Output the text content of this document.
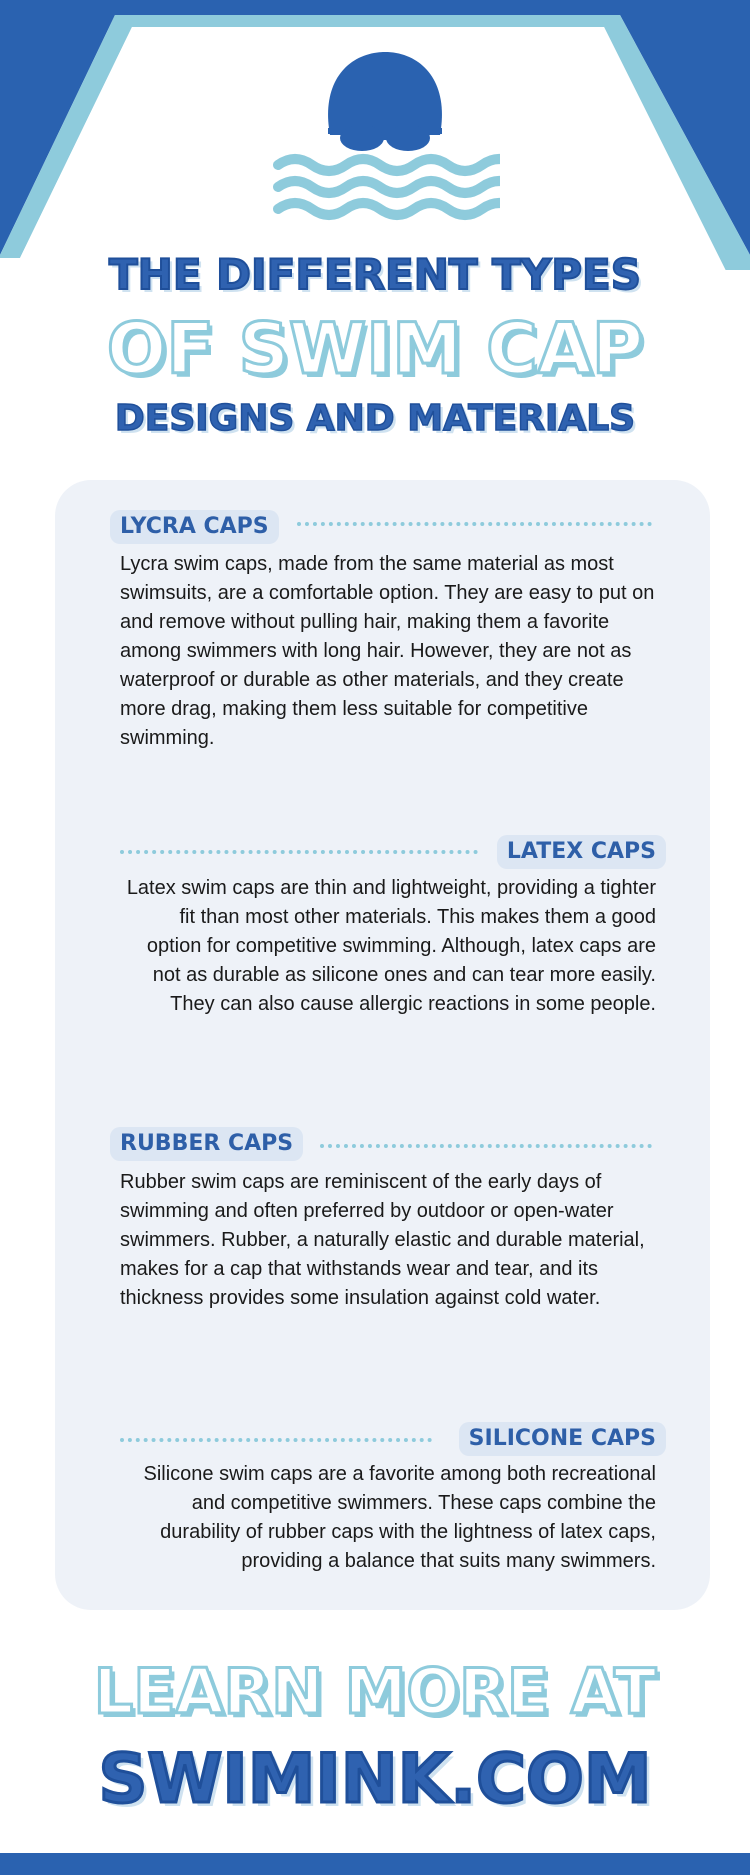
THE DIFFERENT TYPES
OF SWIM CAP
DESIGNS AND MATERIALS
LYCRA CAPS
Lycra swim caps, made from the same material as most swimsuits, are a comfortable option. They are easy to put on and remove without pulling hair, making them a favorite among swimmers with long hair. However, they are not as waterproof or durable as other materials, and they create more drag, making them less suitable for competitive swimming.
LATEX CAPS
Latex swim caps are thin and lightweight, providing a tighter fit than most other materials. This makes them a good option for competitive swimming. Although, latex caps are not as durable as silicone ones and can tear more easily. They can also cause allergic reactions in some people.
RUBBER CAPS
Rubber swim caps are reminiscent of the early days of swimming and often preferred by outdoor or open-water swimmers. Rubber, a naturally elastic and durable material, makes for a cap that withstands wear and tear, and its thickness provides some insulation against cold water.
SILICONE CAPS
Silicone swim caps are a favorite among both recreational and competitive swimmers. These caps combine the durability of rubber caps with the lightness of latex caps, providing a balance that suits many swimmers.
LEARN MORE AT
SWIMINK.COM
